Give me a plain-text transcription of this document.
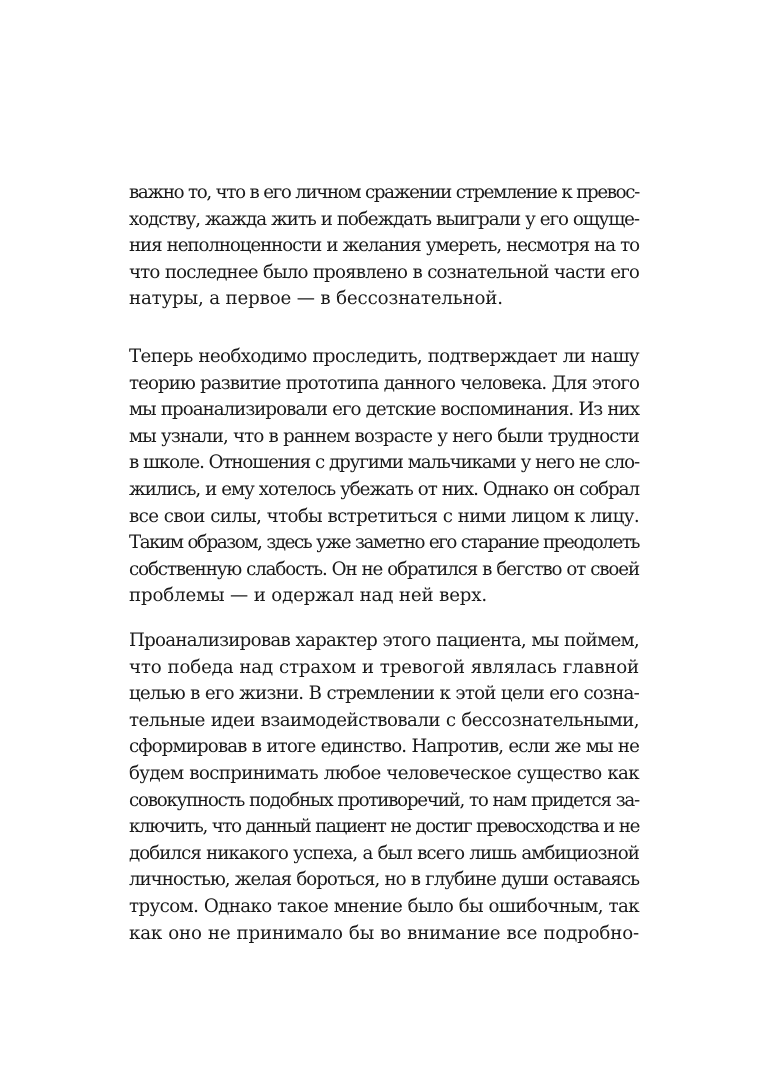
важно то, что в его личном сражении стремление к превос-
ходству, жажда жить и побеждать выиграли у его ощуще-
ния неполноценности и желания умереть, несмотря на то
что последнее было проявлено в сознательной части его
натуры, а первое — в бессознательной.
Теперь необходимо проследить, подтверждает ли нашу
теорию развитие прототипа данного человека. Для этого
мы проанализировали его детские воспоминания. Из них
мы узнали, что в раннем возрасте у него были трудности
в школе. Отношения с другими мальчиками у него не сло-
жились, и ему хотелось убежать от них. Однако он собрал
все свои силы, чтобы встретиться с ними лицом к лицу.
Таким образом, здесь уже заметно его старание преодолеть
собственную слабость. Он не обратился в бегство от своей
проблемы — и одержал над ней верх.
Проанализировав характер этого пациента, мы поймем,
что победа над страхом и тревогой являлась главной
целью в его жизни. В стремлении к этой цели его созна-
тельные идеи взаимодействовали с бессознательными,
сформировав в итоге единство. Напротив, если же мы не
будем воспринимать любое человеческое существо как
совокупность подобных противоречий, то нам придется за-
ключить, что данный пациент не достиг превосходства и не
добился никакого успеха, а был всего лишь амбициозной
личностью, желая бороться, но в глубине души оставаясь
трусом. Однако такое мнение было бы ошибочным, так
как оно не принимало бы во внимание все подробно-
